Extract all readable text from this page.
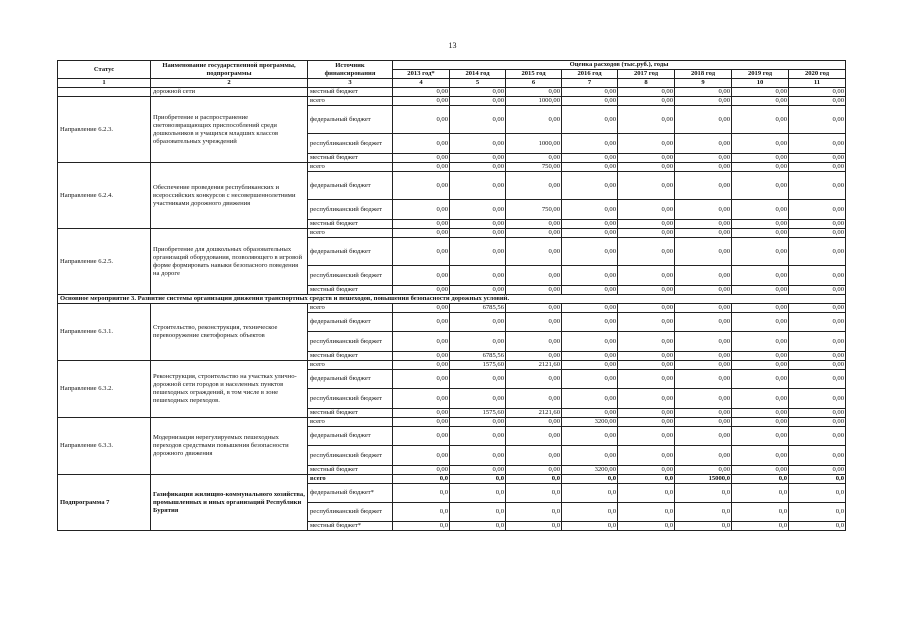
13
Статус	Наименование государственной программы, подпрограммы	Источник финансирования	Оценка расходов (тыс.руб.), годы							
			2013 год*	2014 год	2015 год	2016 год	2017 год	2018 год	2019 год	2020 год
1	2	3	4	5	6	7	8	9	10	11
	дорожной сети	местный бюджет	0,00	0,00	0,00	0,00	0,00	0,00	0,00	0,00
Направление 6.2.3.	Приобретение и распространение световозвращающих приспособлений среди дошкольников и учащихся младших классов образовательных учреждений	всего	0,00	0,00	1000,00	0,00	0,00	0,00	0,00	0,00
		федеральный бюджет	0,00	0,00	0,00	0,00	0,00	0,00	0,00	0,00
		республиканский бюджет	0,00	0,00	1000,00	0,00	0,00	0,00	0,00	0,00
		местный бюджет	0,00	0,00	0,00	0,00	0,00	0,00	0,00	0,00
Направление 6.2.4.	Обеспечение проведения республиканских и всероссийских конкурсов с несовершеннолетними участниками дорожного движения	всего	0,00	0,00	750,00	0,00	0,00	0,00	0,00	0,00
		федеральный бюджет	0,00	0,00	0,00	0,00	0,00	0,00	0,00	0,00
		республиканский бюджет	0,00	0,00	750,00	0,00	0,00	0,00	0,00	0,00
		местный бюджет	0,00	0,00	0,00	0,00	0,00	0,00	0,00	0,00
Направление 6.2.5.	Приобретение для дошкольных образовательных организаций оборудования, позволяющего в игровой форме формировать навыки безопасного поведения на дороге	всего	0,00	0,00	0,00	0,00	0,00	0,00	0,00	0,00
		федеральный бюджет	0,00	0,00	0,00	0,00	0,00	0,00	0,00	0,00
		республиканский бюджет	0,00	0,00	0,00	0,00	0,00	0,00	0,00	0,00
		местный бюджет	0,00	0,00	0,00	0,00	0,00	0,00	0,00	0,00
Основное мероприятие 3. Развитие системы организации движения транспортных средств и пешеходов, повышения безопасности дорожных условий.										
Направление 6.3.1.	Строительство, реконструкция, техническое перевооружение светофорных объектов	всего	0,00	6785,56	0,00	0,00	0,00	0,00	0,00	0,00
		федеральный бюджет	0,00	0,00	0,00	0,00	0,00	0,00	0,00	0,00
		республиканский бюджет	0,00	0,00	0,00	0,00	0,00	0,00	0,00	0,00
		местный бюджет	0,00	6785,56	0,00	0,00	0,00	0,00	0,00	0,00
Направление 6.3.2.	Реконструкция, строительство на участках улично-дорожной сети городов и населенных пунктов пешеходных ограждений, в том числе в зоне пешеходных переходов.	всего	0,00	1575,60	2121,60	0,00	0,00	0,00	0,00	0,00
		федеральный бюджет	0,00	0,00	0,00	0,00	0,00	0,00	0,00	0,00
		республиканский бюджет	0,00	0,00	0,00	0,00	0,00	0,00	0,00	0,00
		местный бюджет	0,00	1575,60	2121,60	0,00	0,00	0,00	0,00	0,00
Направление 6.3.3.	Модернизация нерегулируемых пешеходных переходов средствами повышения безопасности дорожного движения	всего	0,00	0,00	0,00	3200,00	0,00	0,00	0,00	0,00
		федеральный бюджет	0,00	0,00	0,00	0,00	0,00	0,00	0,00	0,00
		республиканский бюджет	0,00	0,00	0,00	0,00	0,00	0,00	0,00	0,00
		местный бюджет	0,00	0,00	0,00	3200,00	0,00	0,00	0,00	0,00
Подпрограмма 7	Газификация жилищно-коммунального хозяйства, промышленных и иных организаций Республики Бурятия	всего	0,0	0,0	0,0	0,0	0,0	15000,0	0,0	0,0
		федеральный бюджет*	0,0	0,0	0,0	0,0	0,0	0,0	0,0	0,0
		республиканский бюджет	0,0	0,0	0,0	0,0	0,0	0,0	0,0	0,0
		местный бюджет*	0,0	0,0	0,0	0,0	0,0	0,0	0,0	0,0
